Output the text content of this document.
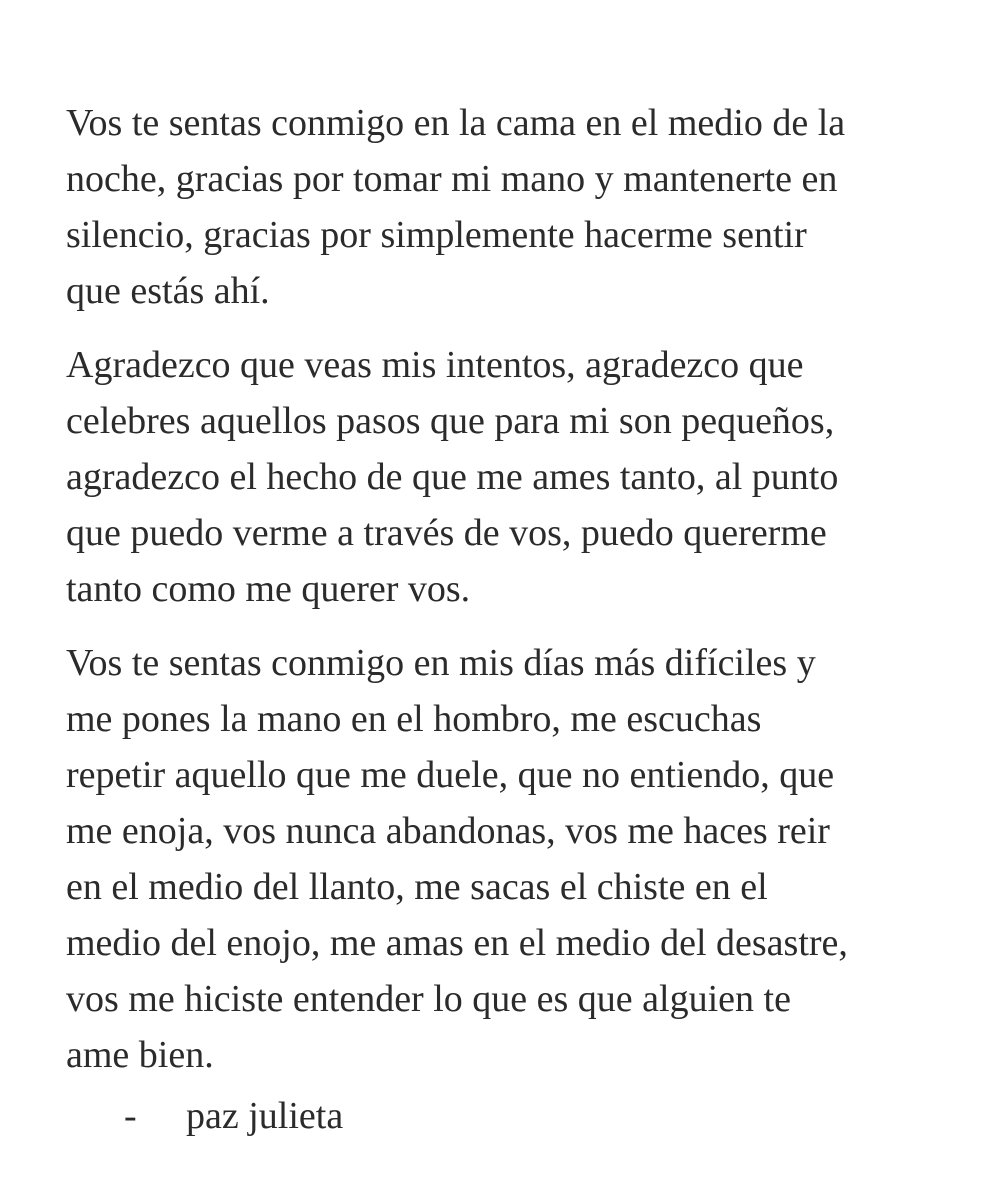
Vos te sentas conmigo en la cama en el medio de la
noche, gracias por tomar mi mano y mantenerte en
silencio, gracias por simplemente hacerme sentir
que estás ahí.

Agradezco que veas mis intentos, agradezco que
celebres aquellos pasos que para mi son pequeños,
agradezco el hecho de que me ames tanto, al punto
que puedo verme a través de vos, puedo quererme
tanto como me querer vos.

Vos te sentas conmigo en mis días más difíciles y
me pones la mano en el hombro, me escuchas
repetir aquello que me duele, que no entiendo, que
me enoja, vos nunca abandonas, vos me haces reir
en el medio del llanto, me sacas el chiste en el
medio del enojo, me amas en el medio del desastre,
vos me hiciste entender lo que es que alguien te
ame bien.

- paz julieta
